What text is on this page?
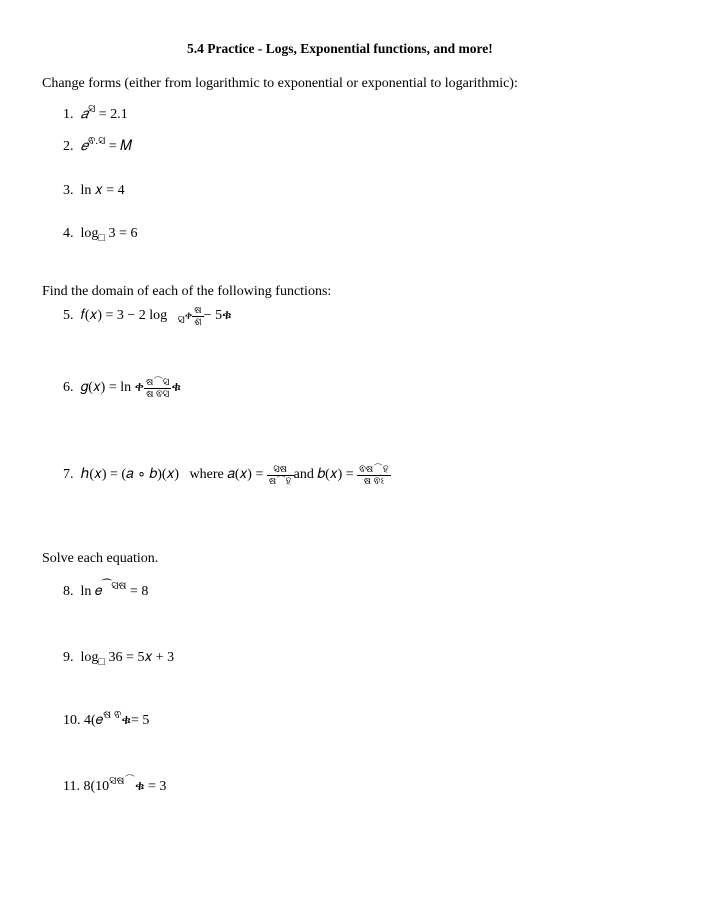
5.4 Practice - Logs, Exponential functions, and more!
Change forms (either from logarithmic to exponential or exponential to logarithmic):
1. 𝑎$^ସ$ = 2.1
2. 𝑒$^{ଵ.ସ}$ = 𝑀
3. ln 𝑥 = 4
4. $\log_□ 3 = 6$
Find the domain of each of the following functions:
5.
𝑓(𝑥) = 3 − 2 log
ସ ቀ $\frac{\text{ଷ}}{\text{ଶ}}$ − 5ቁ
6.
𝑔(𝑥) = ln ቀ $\frac{\text{ଷ⁀ସ}}{\text{ଷ ଵସ}}$ ቁ
7.
ℎ(𝑥) = (𝑎 ∘ 𝑏)(𝑥)
where 𝑎(𝑥) =
$\frac{\text{ସଷ}}{\text{ଷ⁀ହ}}$ and 𝑏(𝑥) =
$\frac{\text{ଵଷ⁀ହ}}{\text{ଷ ଵଽ}}$
Solve each equation.
8. ln 𝑒$^{⁀ସଷ}$ = 8
9. $\log_□ 36$ = 5𝑥 + 3
10. 4(𝑒$^{ଷ ଵ}$ቁ= 5
11. $8(10^{ସଷ⁀}ቁ = 3$
